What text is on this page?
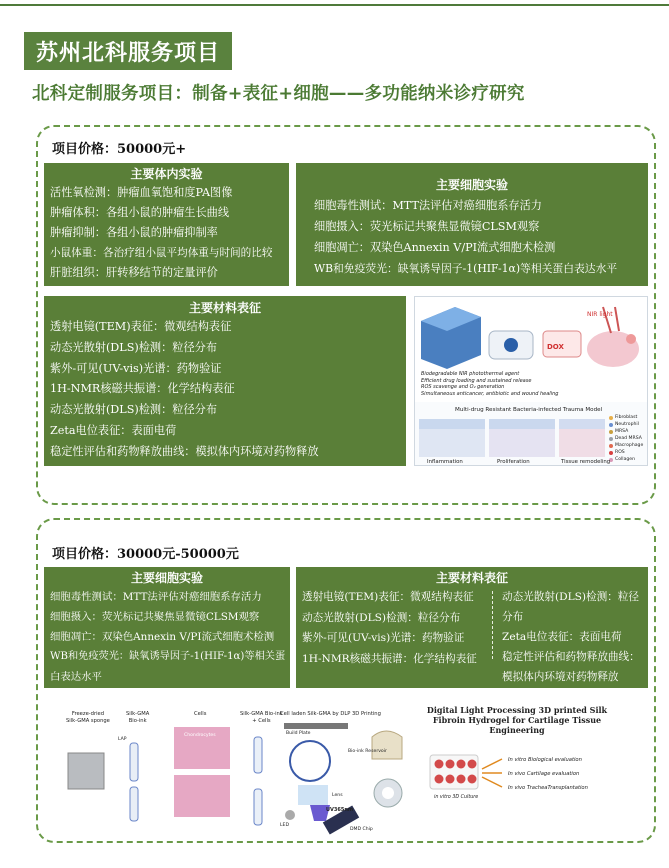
苏州北科服务项目
北科定制服务项目：制备+表征+细胞——多功能纳米诊疗研究
项目价格：50000元+
主要体内实验
活性氧检测：肿瘤血氧饱和度PA图像
肿瘤体积：各组小鼠的肿瘤生长曲线
肿瘤抑制：各组小鼠的肿瘤抑制率
小鼠体重：各治疗组小鼠平均体重与时间的比较
肝脏组织：肝转移结节的定量评价
主要细胞实验
细胞毒性测试：MTT法评估对癌细胞系存活力
细胞摄入：荧光标记共聚焦显微镜CLSM观察
细胞凋亡：双染色Annexin V/PI流式细胞术检测
WB和免疫荧光：缺氧诱导因子-1(HIF-1α)等相关蛋白表达水平
主要材料表征
透射电镜(TEM)表征：微观结构表征
动态光散射(DLS)检测：粒径分布
紫外-可见(UV-vis)光谱：药物验证
1H-NMR核磁共振谱：化学结构表征
动态光散射(DLS)检测：粒径分布
Zeta电位表征：表面电荷
稳定性评估和药物释放曲线：模拟体内环境对药物释放
NIR light
DOX
Biodegradable NIR photothermal agent
Efficient drug loading and sustained release
ROS scavenge and O₂ generation
Simultaneous anticancer, antibiotic and wound healing
Multi-drug Resistant Bacteria-infected Trauma Model
Inflammation	Proliferation	Tissue remodeling
Fibroblast
Neutrophil
MRSA
Dead MRSA
Macrophage
ROS
Collagen
项目价格：30000元-50000元
主要细胞实验
细胞毒性测试：MTT法评估对癌细胞系存活力
细胞摄入：荧光标记共聚焦显微镜CLSM观察
细胞凋亡：双染色Annexin V/PI流式细胞术检测
WB和免疫荧光：缺氧诱导因子-1(HIF-1α)等相关蛋
白表达水平
主要材料表征
透射电镜(TEM)表征：微观结构表征
动态光散射(DLS)检测：粒径分布
紫外-可见(UV-vis)光谱：药物验证
1H-NMR核磁共振谱：化学结构表征
动态光散射(DLS)检测：粒径
分布
Zeta电位表征：表面电荷
稳定性评估和药物释放曲线：
模拟体内环境对药物释放
Freeze-dried
Silk-GMA sponge
Silk-GMA
Bio-ink
Cells
Chondrocytes
Silk-GMA Bio-ink
+ Cells
Cell laden Silk-GMA by DLP 3D Printing
Build Plate
Bio-ink Reservoir
Lens
UV365nm
LED
DMD Chip
LAP
in vitro 3D Culture
Digital Light Processing 3D printed Silk
Fibroin Hydrogel for Cartilage Tissue
Engineering
In vitro Biological evaluation
In vivo Cartilage evaluation
In vivo TracheaTransplantation
